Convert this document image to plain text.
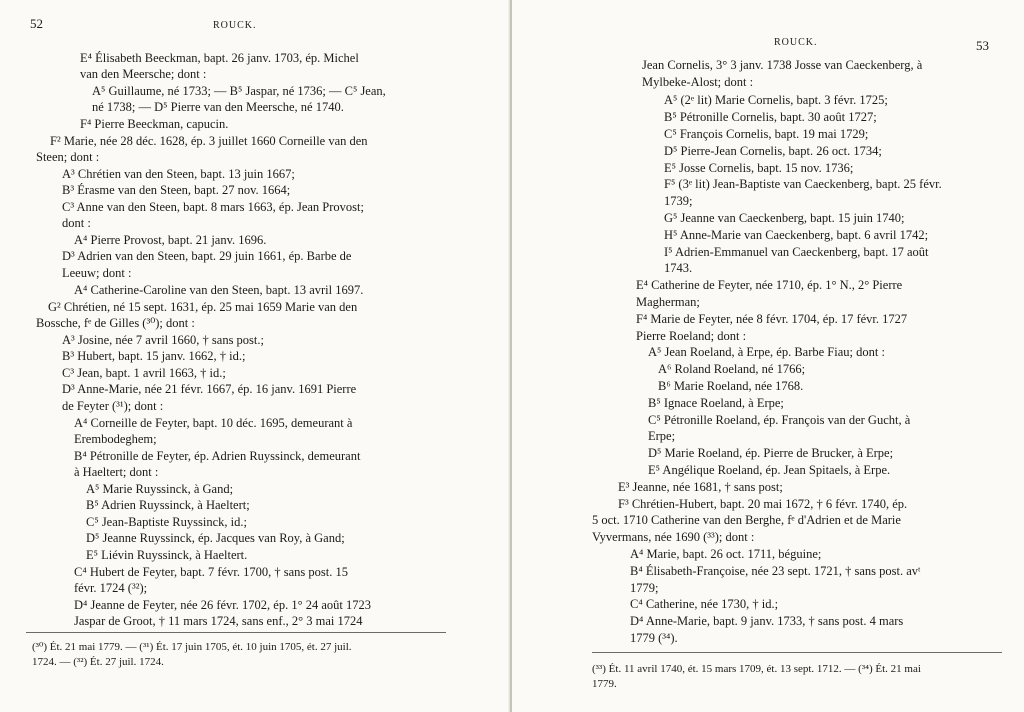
52	ROUCK.
E⁴ Élisabeth Beeckman, bapt. 26 janv. 1703, ép. Michel
van den Meersche; dont :
A⁵ Guillaume, né 1733; — B⁵ Jaspar, né 1736; — C⁵ Jean,
né 1738; — D⁵ Pierre van den Meersche, né 1740.
F⁴ Pierre Beeckman, capucin.
F² Marie, née 28 déc. 1628, ép. 3 juillet 1660 Corneille van den
Steen; dont :
A³ Chrétien van den Steen, bapt. 13 juin 1667;
B³ Érasme van den Steen, bapt. 27 nov. 1664;
C³ Anne van den Steen, bapt. 8 mars 1663, ép. Jean Provost;
dont :
A⁴ Pierre Provost, bapt. 21 janv. 1696.
D³ Adrien van den Steen, bapt. 29 juin 1661, ép. Barbe de
Leeuw; dont :
A⁴ Catherine-Caroline van den Steen, bapt. 13 avril 1697.
G² Chrétien, né 15 sept. 1631, ép. 25 mai 1659 Marie van den
Bossche, fᵉ de Gilles (³⁰); dont :
A³ Josine, née 7 avril 1660, † sans post.;
B³ Hubert, bapt. 15 janv. 1662, † id.;
C³ Jean, bapt. 1 avril 1663, † id.;
D³ Anne-Marie, née 21 févr. 1667, ép. 16 janv. 1691 Pierre
de Feyter (³¹); dont :
A⁴ Corneille de Feyter, bapt. 10 déc. 1695, demeurant à
Erembodeghem;
B⁴ Pétronille de Feyter, ép. Adrien Ruyssinck, demeurant
à Haeltert; dont :
A⁵ Marie Ruyssinck, à Gand;
B⁵ Adrien Ruyssinck, à Haeltert;
C⁵ Jean-Baptiste Ruyssinck, id.;
D⁵ Jeanne Ruyssinck, ép. Jacques van Roy, à Gand;
E⁵ Liévin Ruyssinck, à Haeltert.
C⁴ Hubert de Feyter, bapt. 7 févr. 1700, † sans post. 15
févr. 1724 (³²);
D⁴ Jeanne de Feyter, née 26 févr. 1702, ép. 1° 24 août 1723
Jaspar de Groot, † 11 mars 1724, sans enf., 2° 3 mai 1724
(³⁰) Ét. 21 mai 1779. — (³¹) Ét. 17 juin 1705, ét. 10 juin 1705, ét. 27 juil.
1724. — (³²) Ét. 27 juil. 1724.
ROUCK.	53
Jean Cornelis, 3° 3 janv. 1738 Josse van Caeckenberg, à
Mylbeke-Alost; dont :
A⁵ (2ᵉ lit) Marie Cornelis, bapt. 3 févr. 1725;
B⁵ Pétronille Cornelis, bapt. 30 août 1727;
C⁵ François Cornelis, bapt. 19 mai 1729;
D⁵ Pierre-Jean Cornelis, bapt. 26 oct. 1734;
E⁵ Josse Cornelis, bapt. 15 nov. 1736;
F⁵ (3ᵉ lit) Jean-Baptiste van Caeckenberg, bapt. 25 févr.
1739;
G⁵ Jeanne van Caeckenberg, bapt. 15 juin 1740;
H⁵ Anne-Marie van Caeckenberg, bapt. 6 avril 1742;
I⁵ Adrien-Emmanuel van Caeckenberg, bapt. 17 août
1743.
E⁴ Catherine de Feyter, née 1710, ép. 1° N., 2° Pierre
Magherman;
F⁴ Marie de Feyter, née 8 févr. 1704, ép. 17 févr. 1727
Pierre Roeland; dont :
A⁵ Jean Roeland, à Erpe, ép. Barbe Fiau; dont :
A⁶ Roland Roeland, né 1766;
B⁶ Marie Roeland, née 1768.
B⁵ Ignace Roeland, à Erpe;
C⁵ Pétronille Roeland, ép. François van der Gucht, à
Erpe;
D⁵ Marie Roeland, ép. Pierre de Brucker, à Erpe;
E⁵ Angélique Roeland, ép. Jean Spitaels, à Erpe.
E³ Jeanne, née 1681, † sans post;
F³ Chrétien-Hubert, bapt. 20 mai 1672, † 6 févr. 1740, ép.
5 oct. 1710 Catherine van den Berghe, fᵉ d'Adrien et de Marie
Vyvermans, née 1690 (³³); dont :
A⁴ Marie, bapt. 26 oct. 1711, béguine;
B⁴ Élisabeth-Françoise, née 23 sept. 1721, † sans post. avᵗ
1779;
C⁴ Catherine, née 1730, † id.;
D⁴ Anne-Marie, bapt. 9 janv. 1733, † sans post. 4 mars
1779 (³⁴).
(³³) Ét. 11 avril 1740, ét. 15 mars 1709, ét. 13 sept. 1712. — (³⁴) Ét. 21 mai
1779.
